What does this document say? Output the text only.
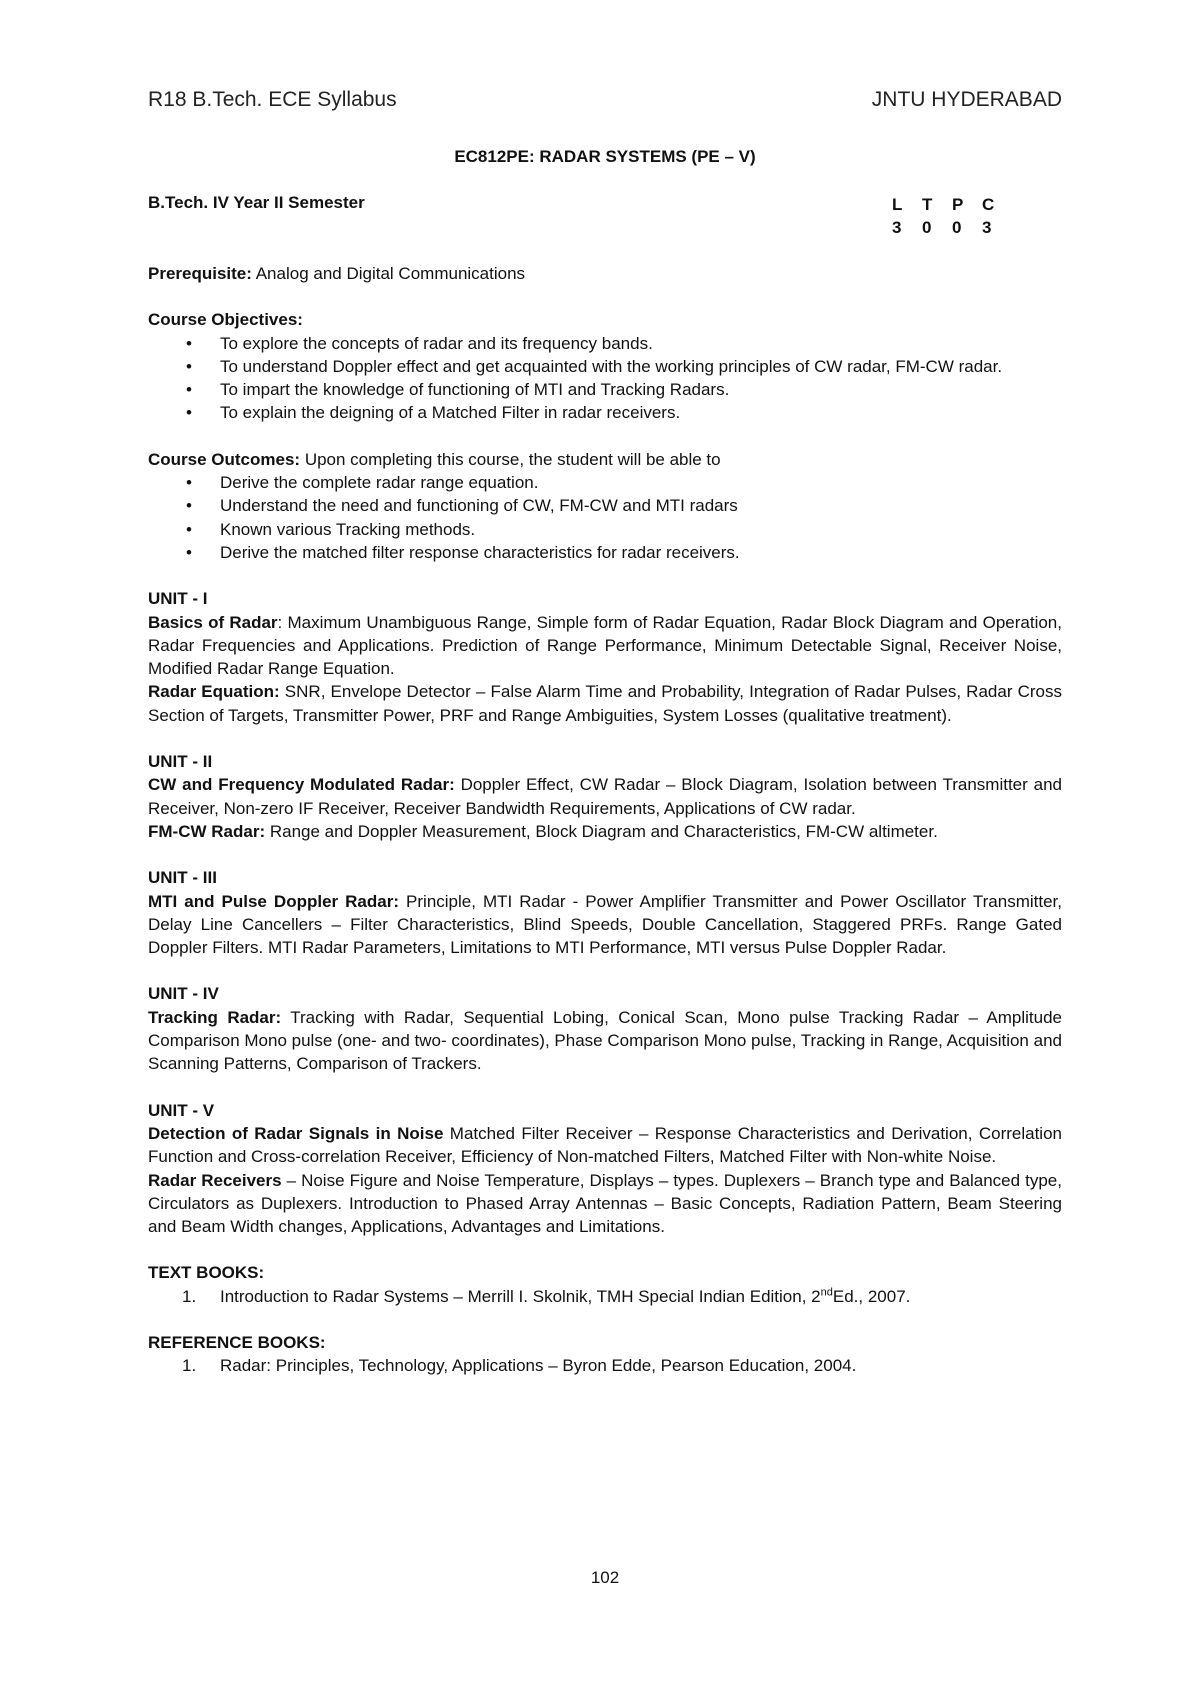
R18 B.Tech. ECE Syllabus	JNTU HYDERABAD
EC812PE: RADAR SYSTEMS (PE – V)
B.Tech. IV Year II Semester	L T P C
3 0 0 3

Prerequisite: Analog and Digital Communications

Course Objectives:

• To explore the concepts of radar and its frequency bands.
• To understand Doppler effect and get acquainted with the working principles of CW radar, FM-CW radar.
• To impart the knowledge of functioning of MTI and Tracking Radars.
• To explain the deigning of a Matched Filter in radar receivers.

Course Outcomes: Upon completing this course, the student will be able to

• Derive the complete radar range equation.
• Understand the need and functioning of CW, FM-CW and MTI radars
• Known various Tracking methods.
• Derive the matched filter response characteristics for radar receivers.

UNIT - I

Basics of Radar: Maximum Unambiguous Range, Simple form of Radar Equation, Radar Block Diagram and Operation, Radar Frequencies and Applications. Prediction of Range Performance, Minimum Detectable Signal, Receiver Noise, Modified Radar Range Equation.

Radar Equation: SNR, Envelope Detector – False Alarm Time and Probability, Integration of Radar Pulses, Radar Cross Section of Targets, Transmitter Power, PRF and Range Ambiguities, System Losses (qualitative treatment).

UNIT - II

CW and Frequency Modulated Radar: Doppler Effect, CW Radar – Block Diagram, Isolation between Transmitter and Receiver, Non-zero IF Receiver, Receiver Bandwidth Requirements, Applications of CW radar.

FM-CW Radar: Range and Doppler Measurement, Block Diagram and Characteristics, FM-CW altimeter.

UNIT - III

MTI and Pulse Doppler Radar: Principle, MTI Radar - Power Amplifier Transmitter and Power Oscillator Transmitter, Delay Line Cancellers – Filter Characteristics, Blind Speeds, Double Cancellation, Staggered PRFs. Range Gated Doppler Filters. MTI Radar Parameters, Limitations to MTI Performance, MTI versus Pulse Doppler Radar.

UNIT - IV

Tracking Radar: Tracking with Radar, Sequential Lobing, Conical Scan, Mono pulse Tracking Radar – Amplitude Comparison Mono pulse (one- and two- coordinates), Phase Comparison Mono pulse, Tracking in Range, Acquisition and Scanning Patterns, Comparison of Trackers.

UNIT - V

Detection of Radar Signals in Noise Matched Filter Receiver – Response Characteristics and Derivation, Correlation Function and Cross-correlation Receiver, Efficiency of Non-matched Filters, Matched Filter with Non-white Noise.

Radar Receivers – Noise Figure and Noise Temperature, Displays – types. Duplexers – Branch type and Balanced type, Circulators as Duplexers. Introduction to Phased Array Antennas – Basic Concepts, Radiation Pattern, Beam Steering and Beam Width changes, Applications, Advantages and Limitations.

TEXT BOOKS:

1. Introduction to Radar Systems – Merrill I. Skolnik, TMH Special Indian Edition, 2ndEd., 2007.

REFERENCE BOOKS:

1. Radar: Principles, Technology, Applications – Byron Edde, Pearson Education, 2004.
102
